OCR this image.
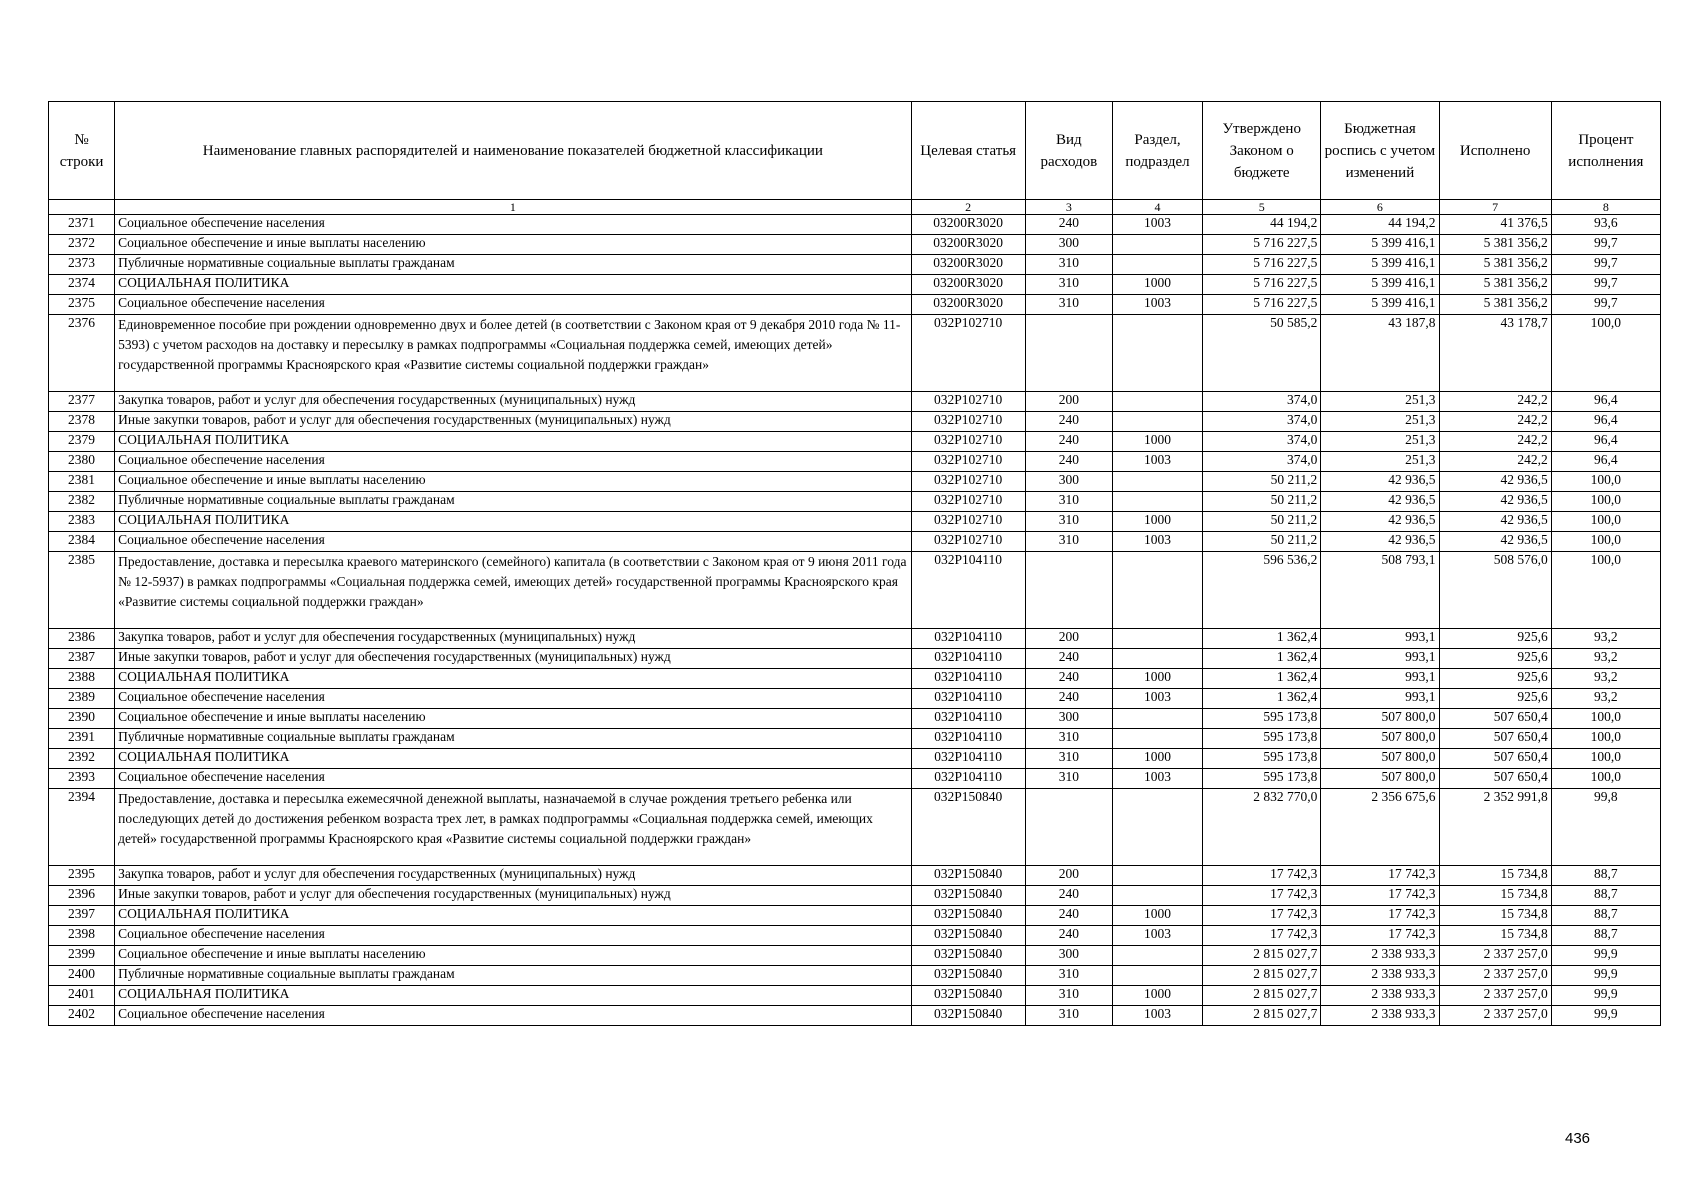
№ строки	Наименование главных распорядителей и наименование показателей бюджетной классификации	Целевая статья	Вид расходов	Раздел, подраздел	Утверждено Законом о бюджете	Бюджетная роспись с учетом изменений	Исполнено	Процент исполнения
	1	2	3	4	5	6	7	8
2371	Социальное обеспечение населения	03200R3020	240	1003	44 194,2	44 194,2	41 376,5	93,6
2372	Социальное обеспечение и иные выплаты населению	03200R3020	300		5 716 227,5	5 399 416,1	5 381 356,2	99,7
2373	Публичные нормативные социальные выплаты гражданам	03200R3020	310		5 716 227,5	5 399 416,1	5 381 356,2	99,7
2374	СОЦИАЛЬНАЯ ПОЛИТИКА	03200R3020	310	1000	5 716 227,5	5 399 416,1	5 381 356,2	99,7
2375	Социальное обеспечение населения	03200R3020	310	1003	5 716 227,5	5 399 416,1	5 381 356,2	99,7
2376	Единовременное пособие при рождении одновременно двух и более детей (в соответствии с Законом края от 9 декабря 2010 года № 11-5393) с учетом расходов на доставку и пересылку в рамках подпрограммы «Социальная поддержка семей, имеющих детей» государственной программы Красноярского края «Развитие системы социальной поддержки граждан»	032P102710			50 585,2	43 187,8	43 178,7	100,0
2377	Закупка товаров, работ и услуг для обеспечения государственных (муниципальных) нужд	032P102710	200		374,0	251,3	242,2	96,4
2378	Иные закупки товаров, работ и услуг для обеспечения государственных (муниципальных) нужд	032P102710	240		374,0	251,3	242,2	96,4
2379	СОЦИАЛЬНАЯ ПОЛИТИКА	032P102710	240	1000	374,0	251,3	242,2	96,4
2380	Социальное обеспечение населения	032P102710	240	1003	374,0	251,3	242,2	96,4
2381	Социальное обеспечение и иные выплаты населению	032P102710	300		50 211,2	42 936,5	42 936,5	100,0
2382	Публичные нормативные социальные выплаты гражданам	032P102710	310		50 211,2	42 936,5	42 936,5	100,0
2383	СОЦИАЛЬНАЯ ПОЛИТИКА	032P102710	310	1000	50 211,2	42 936,5	42 936,5	100,0
2384	Социальное обеспечение населения	032P102710	310	1003	50 211,2	42 936,5	42 936,5	100,0
2385	Предоставление, доставка и пересылка краевого материнского (семейного) капитала (в соответствии с Законом края от 9 июня 2011 года № 12-5937) в рамках подпрограммы «Социальная поддержка семей, имеющих детей» государственной программы Красноярского края «Развитие системы социальной поддержки граждан»	032P104110			596 536,2	508 793,1	508 576,0	100,0
2386	Закупка товаров, работ и услуг для обеспечения государственных (муниципальных) нужд	032P104110	200		1 362,4	993,1	925,6	93,2
2387	Иные закупки товаров, работ и услуг для обеспечения государственных (муниципальных) нужд	032P104110	240		1 362,4	993,1	925,6	93,2
2388	СОЦИАЛЬНАЯ ПОЛИТИКА	032P104110	240	1000	1 362,4	993,1	925,6	93,2
2389	Социальное обеспечение населения	032P104110	240	1003	1 362,4	993,1	925,6	93,2
2390	Социальное обеспечение и иные выплаты населению	032P104110	300		595 173,8	507 800,0	507 650,4	100,0
2391	Публичные нормативные социальные выплаты гражданам	032P104110	310		595 173,8	507 800,0	507 650,4	100,0
2392	СОЦИАЛЬНАЯ ПОЛИТИКА	032P104110	310	1000	595 173,8	507 800,0	507 650,4	100,0
2393	Социальное обеспечение населения	032P104110	310	1003	595 173,8	507 800,0	507 650,4	100,0
2394	Предоставление, доставка и пересылка ежемесячной денежной выплаты, назначаемой в случае рождения третьего ребенка или последующих детей до достижения ребенком возраста трех лет, в рамках подпрограммы «Социальная поддержка семей, имеющих детей» государственной программы Красноярского края «Развитие системы социальной поддержки граждан»	032P150840			2 832 770,0	2 356 675,6	2 352 991,8	99,8
2395	Закупка товаров, работ и услуг для обеспечения государственных (муниципальных) нужд	032P150840	200		17 742,3	17 742,3	15 734,8	88,7
2396	Иные закупки товаров, работ и услуг для обеспечения государственных (муниципальных) нужд	032P150840	240		17 742,3	17 742,3	15 734,8	88,7
2397	СОЦИАЛЬНАЯ ПОЛИТИКА	032P150840	240	1000	17 742,3	17 742,3	15 734,8	88,7
2398	Социальное обеспечение населения	032P150840	240	1003	17 742,3	17 742,3	15 734,8	88,7
2399	Социальное обеспечение и иные выплаты населению	032P150840	300		2 815 027,7	2 338 933,3	2 337 257,0	99,9
2400	Публичные нормативные социальные выплаты гражданам	032P150840	310		2 815 027,7	2 338 933,3	2 337 257,0	99,9
2401	СОЦИАЛЬНАЯ ПОЛИТИКА	032P150840	310	1000	2 815 027,7	2 338 933,3	2 337 257,0	99,9
2402	Социальное обеспечение населения	032P150840	310	1003	2 815 027,7	2 338 933,3	2 337 257,0	99,9
436
